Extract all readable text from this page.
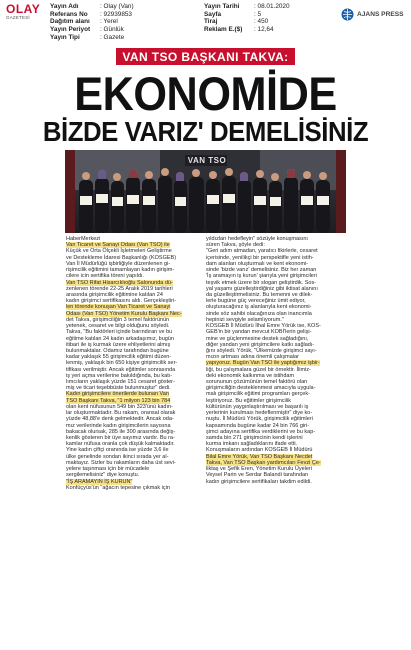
OLAY
GAZETESİ
Yayın Adı	: Olay (Van)
Referans No : 92939853
Dağıtım alanı : Yerel
Yayın Periyot : Günlük
Yayın Tipi	: Gazete
Yayın Tarihi : 08.01.2020
Sayfa	: 5
Tiraj	: 450
Reklam E.($) : 12,64
AJANS PRESS
VAN TSO BAŞKANI TAKVA:
EKONOMİDE
BİZDE VARIZ' DEMELİSİNİZ
VAN TSO

HaberMerkezi

Van Ticaret ve Sanayi Odası (Van TSO) ile

Küçük ve Orta Ölçekli İşletmeleri Geliştirme

ve Destekleme İdaresi Başkanlığı (KOSGEB)

Van İl Müdürlüğü işbirliğiyle düzenlenen gi-

rişimcilik eğitimini tamamlayan kadın girişim-

cilere icin sertifika töreni yapıldı.

Van TSO Rifat Hisarcıklıoğlu Salonunda dü-

zenlenen törende 22-25 Aralık 2019 tarihleri

arasında girişimcilik eğitimine katılan 24

kadın girişimci sertifikasını aldı. Gerçekleştiri-

len törende konuşan Van Ticaret ve Sanayi

Odası (Van TSO) Yönetim Kurulu Başkanı Nec-

det Takva, girişimciliğin 3 temel faktörünün

yetenek, cesaret ve bilgi olduğunu söyledi.

Takva, "Bu faktörleri içinde barındıran ve bu

eğitime katılan 24 kadın arkadaşımız, bugün

itibari ile iş kurmak üzere ehliyetlerini almış

bulunmaktalar. Odamız tarafından bugüne

kadar yaklaşık 55 girişimcilik eğitimi düzen-

lenmiş, yaklaşık bin 650 kişiye girişimcilik ser-

tifikası verilmiştir. Ancak eğitimler sonrasında

iş yeri açma verilerine bakıldığında, bu katı-

lımcıların yaklaşık yüzde 151 cesaret göster-

miş ve ticari teşebbüste bulunmuştur" dedi.

Kadın girişimcilere önerilerde bulunan Van

TSO Başkanı Takva, "1 milyon 123 bin 784

olan kent nüfusunun 549 bin 323'ünü kadın-

lar oluşturmaktadır. Bu rakam, oransal olarak

yüzde 48,88'e denk gelmektedir. Ancak oda-

mız verilerinde kadın girişimcilerin sayısına

bakacak olursak, 285 ile 300 arasında değiş-

kenlik gösteren bir üye sayımız vardır. Bu ra-

kamlar nüfusa oranla çok düşük kalmaktadır.

Yine kadın çiftçi oranında ise yüzde 3,6 ile

ülke genelinde sondan ikinci sırada yer al-

maktayız. Sizler bu rakamların daha üst sevi-

yelere taşınması için bir mücadele

sergilemelisiniz" diye konuştu.

"İŞ ARAMAYIN İŞ KURUN"

Konfüçyüs'ün "ağacın tepesine çıkmak için

yıldızları hedefleyin" sözüyle konuşmasını

süren Takva, şöyle dedi:

"Geri adım atmadan, yaratıcı fikirlerle, cesaret

içerisinde, yenilikçi bir perspektifle yeni istih-

dam alanları oluşturmalı ve kent ekonomi-

sinde 'bizde varız' demelisiniz. Biz her zaman

'İş aramayın iş kurun' şiarıyla yeni girişimcileri

teşvik etmek üzere bir slogan geliştirdik. Sos-

yal yaşamı güzelleştirdiğiniz gibi iktisat alanını

da güzelleştirmelisiniz. Bu temenni ve dilek-

lerle bugüne güç vereceğiniz ümit ediyor,

oluşturacağınız iş alanlarıyla kent ekonomi-

sinde söz sahibi olacağınıza olan inancımla

hepinizi sevgiyle selamlıyorum."

KOSGEB İl Müdürü İlhal Emre Yörük ise, KOS-

GEB'in bir yandan mevcut KOBİ'lerin gelişi-

mine ve güçlenmesine destek sağladığını,

diğer yandan yeni girişimcilere katkı sağladı-

ğını söyledi. Yörük, "Ülkemizde girişimci sayı-

mızın artması adına önemli çalışmalar

yapıyoruz. Bugün Van TSO ile yaptığımız işbir-

liği, bu çalışmalara güzel bir örnektir. İlimiz-

deki ekonomik kalkınma ve istihdam

sorununun çözümünün temel faktörü olan

girişimciliğin desteklenmesi amacıyla uygula-

malı girişimcilik eğitimi programları gerçek-

leştiriyoruz. Bu eğitimler girişimcilik

kültürünün yaygınlaştırılması ve başarılı iş

yerlerinin kurulması hedeflenmiştir" diye ko-

nuştu. İl Müdürü Yörük, girişimcilik eğitimleri

kapsamında bugüne kadar 24 bin 766 giri-

şimci adayına sertifika verdiklerini ve bu kap-

samda bin 271 girişimcinin kendi işlerini

kurma imkanı sağladıklarını ifade etti.

Konuşmaların ardından KOSGEB İl Müdürü

Bilal Emre Yörük, Van TSO Başkanı Necdet

Takva, Van TSO Başkan yardımcıları Fevzi Çe-

liktaş ve Şefik Eren, Yönetim Kurulu Üyeleri

Veysel Parin ve Serdar Balandi tarafından

kadın girişimcilere sertifikaları takdim edildi.
